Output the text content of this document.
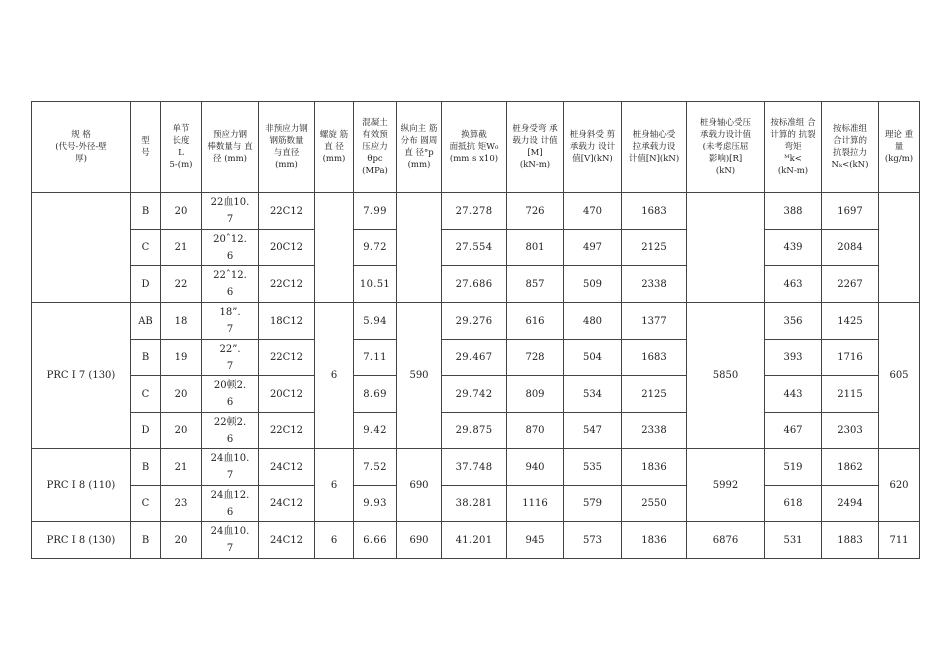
规 格
(代号-外径-壁
厚)	型
号	单节
长度
L
5-(m)	预应力钢
棒数量与 直
径 (mm)	非预应力钢
钢筋数量
与直径
(mm)	螺旋 筋
直 径
(mm)	混凝土
有效预
压应力
θpc
(MPa)	纵向主 筋
分布 圆周
直 径°p
(mm)	换算截
面抵抗 矩W₀
(mm s x10)	桩身受弯 承
载力设 计值
[M]
(kN-m)	桩身斜受 剪
承载力 设计
值[V](kN)	桩身轴心受
拉承载力设
计值[N](kN)	桩身轴心受压
承载力设计值
(未考虑压屈
影响)[R]
(kN)	按标准组 合
计算的 抗裂
弯矩
ᴹk<
(kN-m)	按标准组
合计算的
抗裂拉力
Nₖ<(kN)	理论 重
量 (kg/m)
	B	20	22血10.
7	22C12		7.99		27.278	726	470	1683		388	1697	
	C	21	20ˆ12.
6	20C12		9.72		27.554	801	497	2125		439	2084	
	D	22	22ˆ12.
6	22C12		10.51		27.686	857	509	2338		463	2267	
PRC I 7 (130)	AB	18	18”.
7	18C12	6	5.94	590	29.276	616	480	1377	5850	356	1425	605
	B	19	22”.
7	22C12		7.11		29.467	728	504	1683		393	1716	
	C	20	20顿2.
6	20C12		8.69		29.742	809	534	2125		443	2115	
	D	20	22顿2.
6	22C12		9.42		29.875	870	547	2338		467	2303	
PRC I 8 (110)	B	21	24血10.
7	24C12	6	7.52	690	37.748	940	535	1836	5992	519	1862	620
	C	23	24血12.
6	24C12		9.93		38.281	1116	579	2550		618	2494	
PRC I 8 (130)	B	20	24血10.
7	24C12	6	6.66	690	41.201	945	573	1836	6876	531	1883	711
